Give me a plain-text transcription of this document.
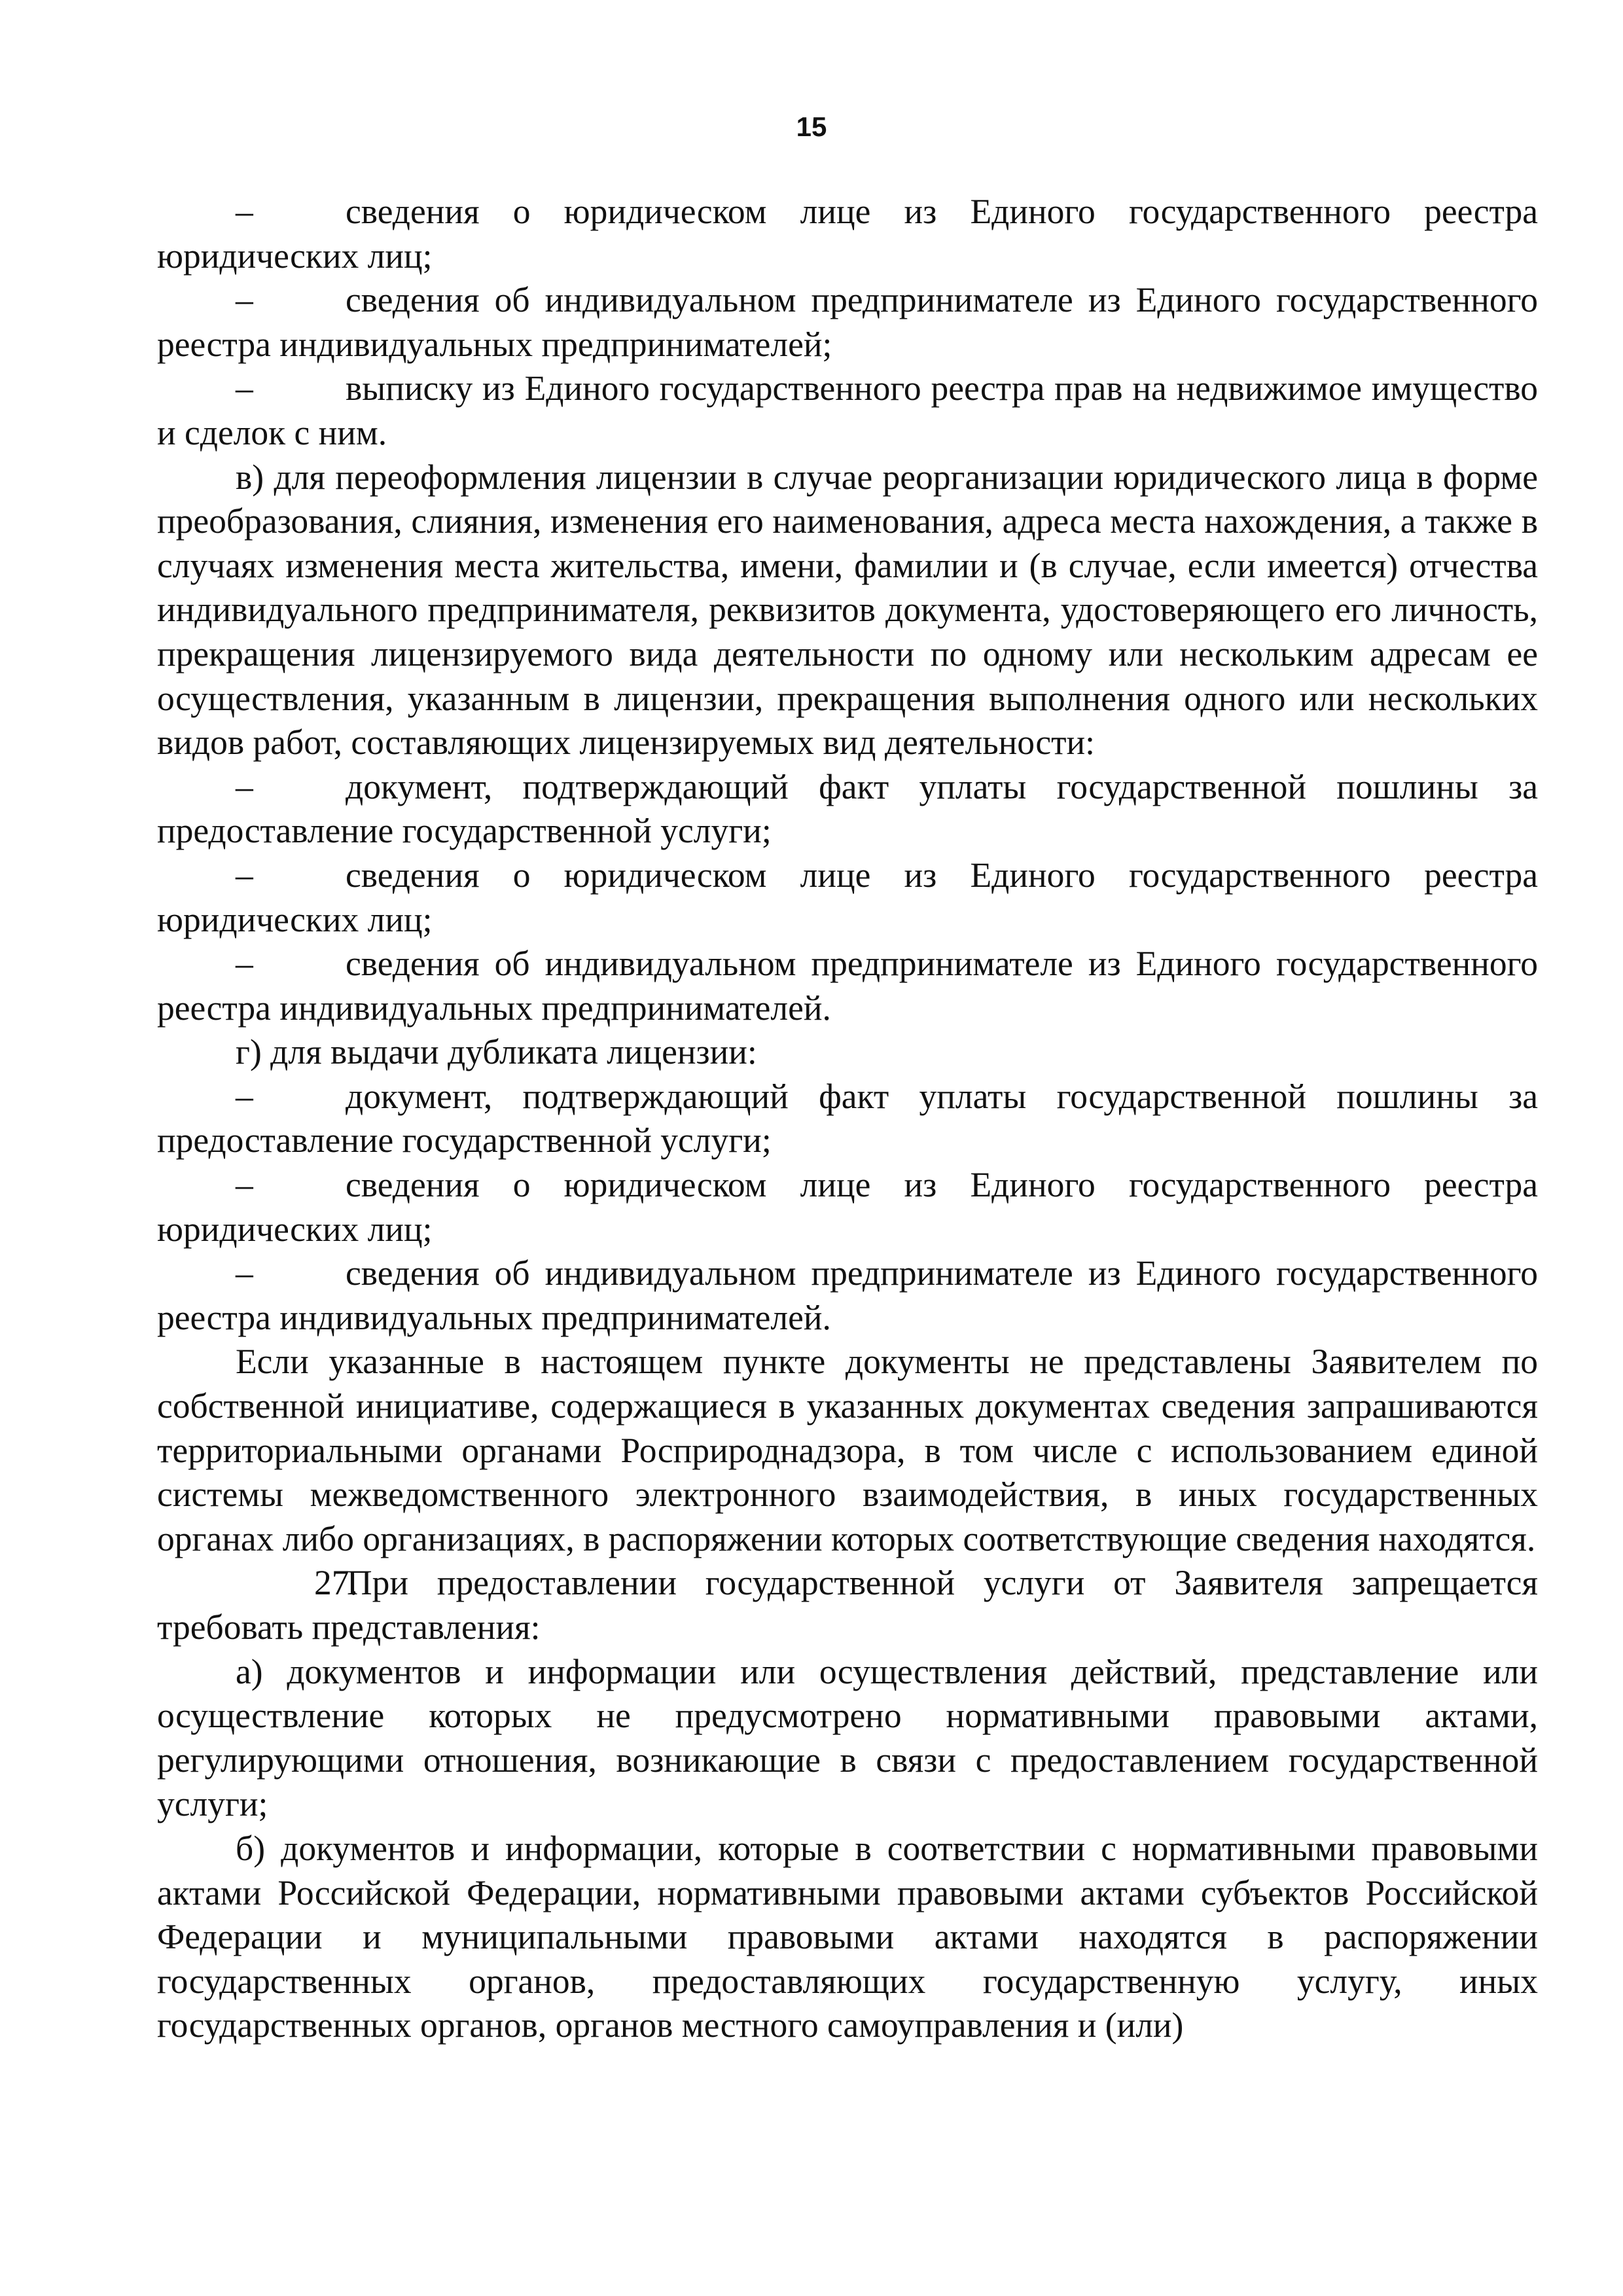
15

–	сведения о юридическом лице из Единого государственного реестра юридических лиц;

–	сведения об индивидуальном предпринимателе из Единого государственного реестра индивидуальных предпринимателей;

–	выписку из Единого государственного реестра прав на недвижимое имущество и сделок с ним.

в) для переоформления лицензии в случае реорганизации юридического лица в форме преобразования, слияния, изменения его наименования, адреса места нахождения, а также в случаях изменения места жительства, имени, фамилии и (в случае, если имеется) отчества индивидуального предпринимателя, реквизитов документа, удостоверяющего его личность, прекращения лицензируемого вида деятельности по одному или нескольким адресам ее осуществления, указанным в лицензии, прекращения выполнения одного или нескольких видов работ, составляющих лицензируемых вид деятельности:

–	документ, подтверждающий факт уплаты государственной пошлины за предоставление государственной услуги;

–	сведения о юридическом лице из Единого государственного реестра юридических лиц;

–	сведения об индивидуальном предпринимателе из Единого государственного реестра индивидуальных предпринимателей.

г) для выдачи дубликата лицензии:

–	документ, подтверждающий факт уплаты государственной пошлины за предоставление государственной услуги;

–	сведения о юридическом лице из Единого государственного реестра юридических лиц;

–	сведения об индивидуальном предпринимателе из Единого государственного реестра индивидуальных предпринимателей.

Если указанные в настоящем пункте документы не представлены Заявителем по собственной инициативе, содержащиеся в указанных документах сведения запрашиваются территориальными органами Росприроднадзора, в том числе с использованием единой системы межведомственного электронного взаимодействия, в иных государственных органах либо организациях, в распоряжении которых соответствующие сведения находятся.

27.При предоставлении государственной услуги от Заявителя запрещается требовать представления:

а) документов и информации или осуществления действий, представление или осуществление которых не предусмотрено нормативными правовыми актами, регулирующими отношения, возникающие в связи с предоставлением государственной услуги;

б) документов и информации, которые в соответствии с нормативными правовыми актами Российской Федерации, нормативными правовыми актами субъектов Российской Федерации и муниципальными правовыми актами находятся в распоряжении государственных органов, предоставляющих государственную услугу, иных государственных органов, органов местного самоуправления и (или)
